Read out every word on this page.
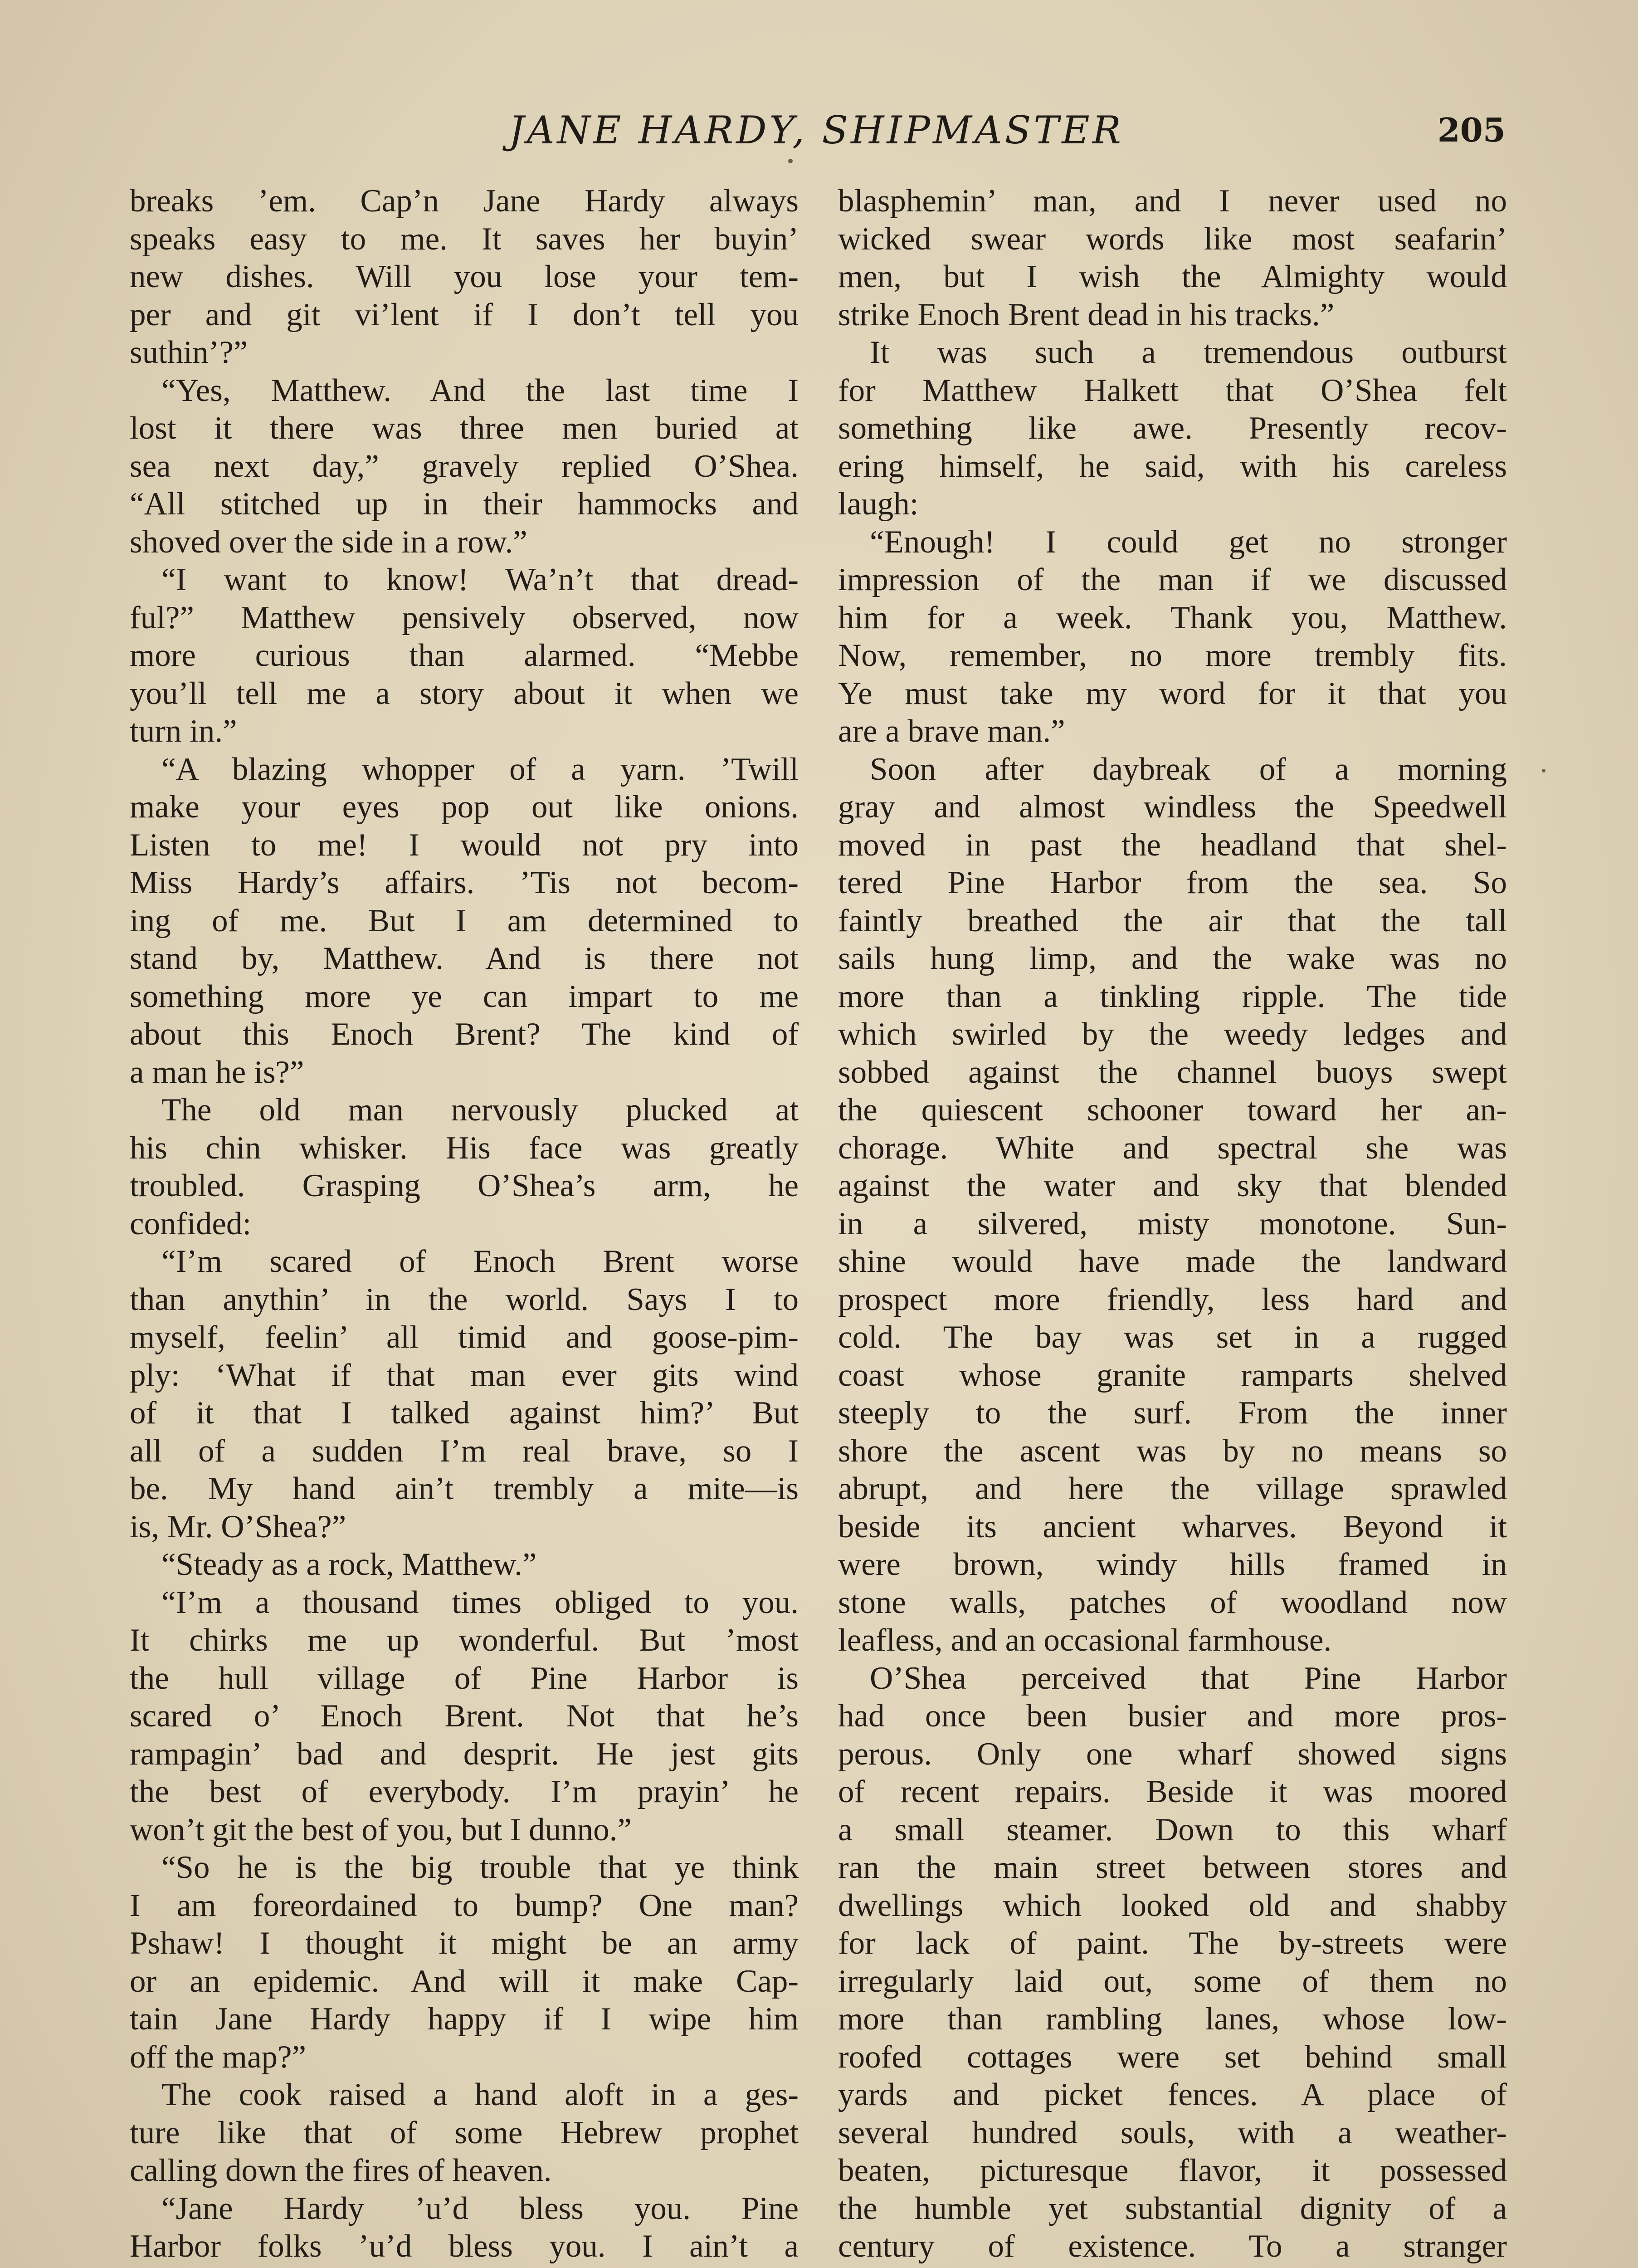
JANE HARDY, SHIPMASTER	205
breaks ’em. Cap’n Jane Hardy always
speaks easy to me. It saves her buyin’
new dishes. Will you lose your tem-
per and git vi’lent if I don’t tell you
suthin’?”
“Yes, Matthew. And the last time I
lost it there was three men buried at
sea next day,” gravely replied O’Shea.
“All stitched up in their hammocks and
shoved over the side in a row.”
“I want to know! Wa’n’t that dread-
ful?” Matthew pensively observed, now
more curious than alarmed. “Mebbe
you’ll tell me a story about it when we
turn in.”
“A blazing whopper of a yarn. ’Twill
make your eyes pop out like onions.
Listen to me! I would not pry into
Miss Hardy’s affairs. ’Tis not becom-
ing of me. But I am determined to
stand by, Matthew. And is there not
something more ye can impart to me
about this Enoch Brent? The kind of
a man he is?”
The old man nervously plucked at
his chin whisker. His face was greatly
troubled. Grasping O’Shea’s arm, he
confided:
“I’m scared of Enoch Brent worse
than anythin’ in the world. Says I to
myself, feelin’ all timid and goose-pim-
ply: ‘What if that man ever gits wind
of it that I talked against him?’ But
all of a sudden I’m real brave, so I
be. My hand ain’t trembly a mite—is
is, Mr. O’Shea?”
“Steady as a rock, Matthew.”
“I’m a thousand times obliged to you.
It chirks me up wonderful. But ’most
the hull village of Pine Harbor is
scared o’ Enoch Brent. Not that he’s
rampagin’ bad and desprit. He jest gits
the best of everybody. I’m prayin’ he
won’t git the best of you, but I dunno.”
“So he is the big trouble that ye think
I am foreordained to bump? One man?
Pshaw! I thought it might be an army
or an epidemic. And will it make Cap-
tain Jane Hardy happy if I wipe him
off the map?”
The cook raised a hand aloft in a ges-
ture like that of some Hebrew prophet
calling down the fires of heaven.
“Jane Hardy ’u’d bless you. Pine
Harbor folks ’u’d bless you. I ain’t a
blasphemin’ man, and I never used no
wicked swear words like most seafarin’
men, but I wish the Almighty would
strike Enoch Brent dead in his tracks.”
It was such a tremendous outburst
for Matthew Halkett that O’Shea felt
something like awe. Presently recov-
ering himself, he said, with his careless
laugh:
“Enough! I could get no stronger
impression of the man if we discussed
him for a week. Thank you, Matthew.
Now, remember, no more trembly fits.
Ye must take my word for it that you
are a brave man.”
Soon after daybreak of a morning
gray and almost windless the Speedwell
moved in past the headland that shel-
tered Pine Harbor from the sea. So
faintly breathed the air that the tall
sails hung limp, and the wake was no
more than a tinkling ripple. The tide
which swirled by the weedy ledges and
sobbed against the channel buoys swept
the quiescent schooner toward her an-
chorage. White and spectral she was
against the water and sky that blended
in a silvered, misty monotone. Sun-
shine would have made the landward
prospect more friendly, less hard and
cold. The bay was set in a rugged
coast whose granite ramparts shelved
steeply to the surf. From the inner
shore the ascent was by no means so
abrupt, and here the village sprawled
beside its ancient wharves. Beyond it
were brown, windy hills framed in
stone walls, patches of woodland now
leafless, and an occasional farmhouse.
O’Shea perceived that Pine Harbor
had once been busier and more pros-
perous. Only one wharf showed signs
of recent repairs. Beside it was moored
a small steamer. Down to this wharf
ran the main street between stores and
dwellings which looked old and shabby
for lack of paint. The by-streets were
irregularly laid out, some of them no
more than rambling lanes, whose low-
roofed cottages were set behind small
yards and picket fences. A place of
several hundred souls, with a weather-
beaten, picturesque flavor, it possessed
the humble yet substantial dignity of a
century of existence. To a stranger
